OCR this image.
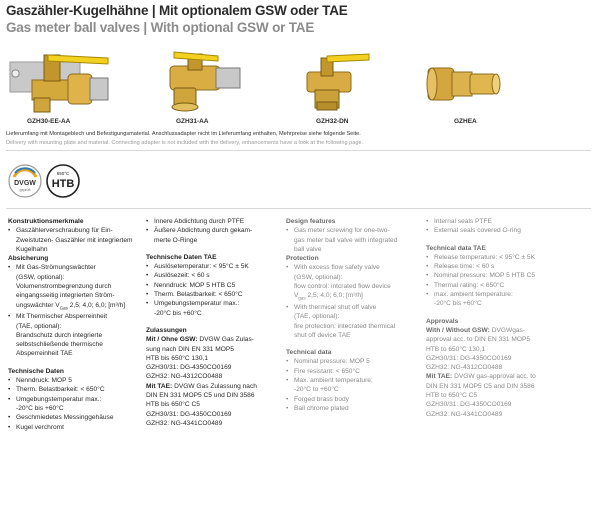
Gaszähler-Kugelhähne | Mit optionalem GSW oder TAE
Gas meter ball valves | With optional GSW or TAE
GZH30-EE-AA	GZH31-AA	GZH32-DN	GZHEA
Lieferumfang mit Montageblech und Befestigungsmaterial. Anschlussadapter nicht im Lieferumfang enthalten, Mehrpreise siehe folgende Seite.
Delivery with mounting plate and material. Connecting adapter is not included with the delivery, enhancements have a look at the following page.
DVGW
geprüft
650°C
HTB
Konstruktionsmerkmale
• Gaszählerverschraubung für Ein-Zweistutzen- Gaszähler mit integriertem Kugelhahn
Absicherung
• Mit Gas-Strömungswächter
(GSW, optional):
Volumenstrombegrenzung durch
eingangsseitig integrierten Ström-
ungswächter $V_{Gas}$ 2,5; 4,0; 6,0; [m³/h]
• Mit Thermischer Absperreinheit
(TAE, optional):
Brandschutz durch integrierte
selbstschließende thermische
Absperreinheit TAE
Technische Daten
• Nenndruck: MOP 5
• Therm. Belastbarkeit: < 650°C
• Umgebungstemperatur max.:
-20°C bis +60°C
• Geschmiedetes Messinggehäuse
• Kugel verchromt
• Innere Abdichtung durch PTFE
• Äußere Abdichtung durch gekam-
merte O-Ringe
Technische Daten TAE
• Auslösetemperatur: < 95°C ± 5K
• Auslösezeit: < 60 s
• Nenndruck: MOP 5 HTB C5
• Therm. Belastbarkeit: < 650°C
• Umgebungstemperatur max.:
-20°C bis +60°C
Zulassungen
Mit / Ohne GSW: DVGW Gas Zulas-
sung nach DIN EN 331 MOP5
HTB bis 650°C 130,1
GZH30/31: DG-4350CO0169
GZH32: NG-4312CO0488
Mit TAE: DVGW Gas Zulassung nach
DIN EN 331 MOP5 C5 und DIN 3586
HTB bis 650°C C5
GZH30/31: DG-4350CO0169
GZH32: NG-4341CO0489
Design features
• Gas meter screwing for one-two-
gas meter ball valve with integrated
ball valve
Protection
• With excess flow safety valve
(GSW, optional):
flow control: intcrated flow device
$V_{gas}$ 2,5; 4,0; 6,0; [m³/h]
• With thermical shut off valve
(TAE, optional):
fire protection: intecrated thermical
shut off device TAE
Technical data
• Nominal pressure: MOP 5
• Fire resistant: < 650°C
• Max. ambient temperature:
-20°C to +60°C
• Forged brass body
• Ball chrome plated
• Internal seals PTFE
• External seals covered O-ring
Technical data TAE
• Release temperature: < 95°C ± 5K
• Release time: < 60 s
• Nominal pressure: MOP 5 HTB C5
• Thermal rating: < 650°C
• max. ambient temperature:
-20°C bis +60°C
Approvals
With / Without GSW: DVGWgas-
approval acc. to DIN EN 331 MOP5
HTB to 650°C 130,1
GZH30/31: DG-4350CO0169
GZH32: NG-4312CO0488
Mit TAE: DVGW gas-approval acc. to
DIN EN 331 MOP5 C5 and DIN 3586
HTB to 650°C C5
GZH30/31: DG-4350CO0169
GZH32: NG-4341CO0489
